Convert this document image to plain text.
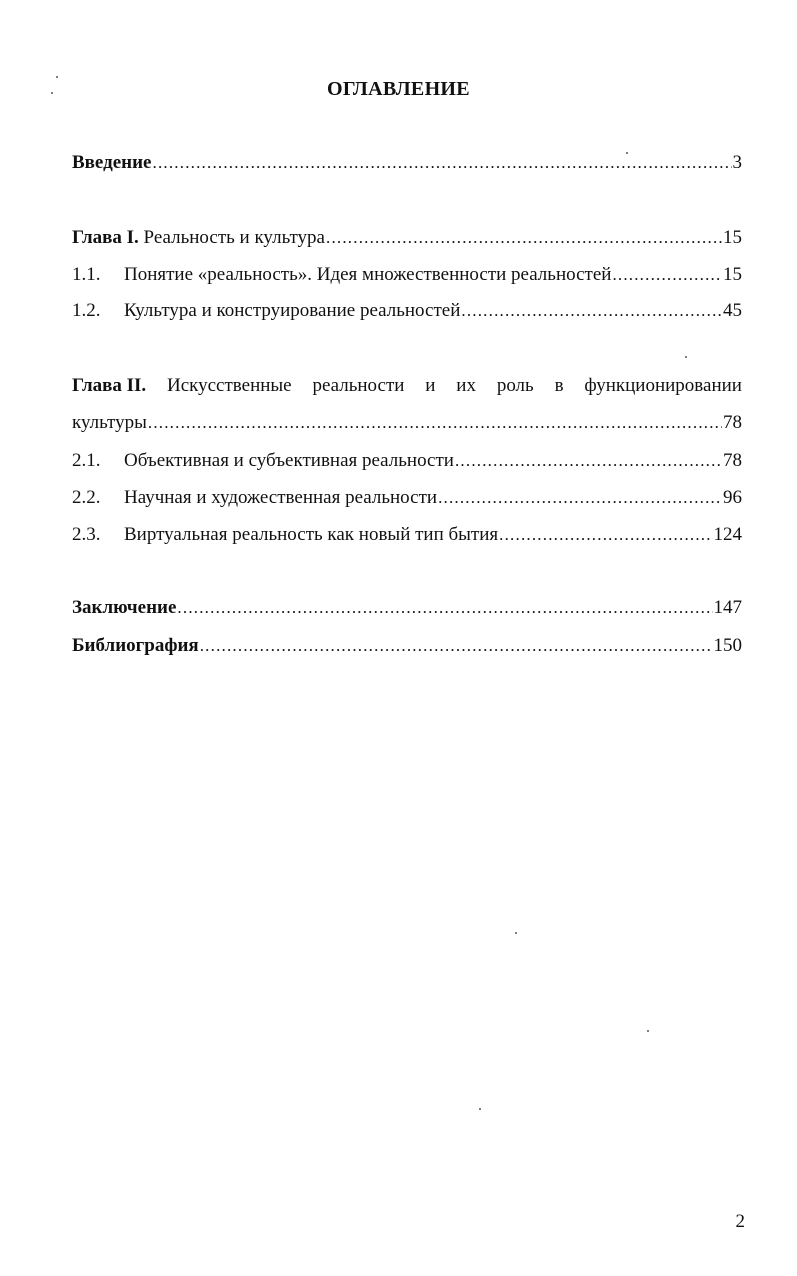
ОГЛАВЛЕНИЕ
Введение .....	3
Глава I. Реальность и культура .....	15
1.1.	Понятие «реальность». Идея множественности реальностей .....	15
1.2.	Культура и конструирование реальностей .....	45
Глава II. Искусственные реальности и их роль в функционировании
культуры .....	78
2.1.	Объективная и субъективная реальности .....	78
2.2.	Научная и художественная реальности .....	96
2.3.	Виртуальная реальность как новый тип бытия .....	124
Заключение .....	147
Библиография .....	150
2
